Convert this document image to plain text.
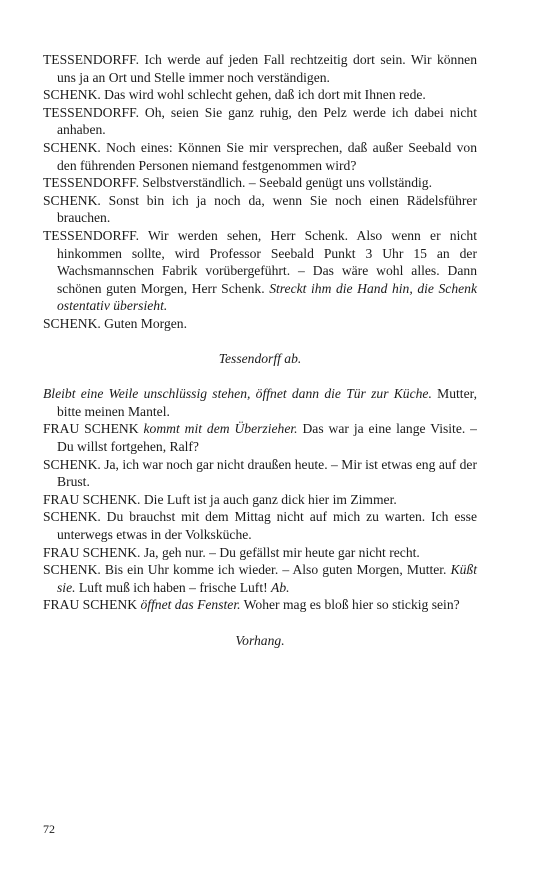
TESSENDORFF. Ich werde auf jeden Fall rechtzeitig dort sein. Wir können uns ja an Ort und Stelle immer noch verständigen.

SCHENK. Das wird wohl schlecht gehen, daß ich dort mit Ihnen rede.

TESSENDORFF. Oh, seien Sie ganz ruhig, den Pelz werde ich dabei nicht anhaben.

SCHENK. Noch eines: Können Sie mir versprechen, daß außer Seebald von den führenden Personen niemand festgenommen wird?

TESSENDORFF. Selbstverständlich. – Seebald genügt uns vollständig.

SCHENK. Sonst bin ich ja noch da, wenn Sie noch einen Rädelsführer brauchen.

TESSENDORFF. Wir werden sehen, Herr Schenk. Also wenn er nicht hinkommen sollte, wird Professor Seebald Punkt 3 Uhr 15 an der Wachsmannschen Fabrik vorübergeführt. – Das wäre wohl alles. Dann schönen guten Morgen, Herr Schenk. Streckt ihm die Hand hin, die Schenk ostentativ übersieht.

SCHENK. Guten Morgen.

Tessendorff ab.

Bleibt eine Weile unschlüssig stehen, öffnet dann die Tür zur Küche. Mutter, bitte meinen Mantel.

FRAU SCHENK kommt mit dem Überzieher. Das war ja eine lange Visite. – Du willst fortgehen, Ralf?

SCHENK. Ja, ich war noch gar nicht draußen heute. – Mir ist etwas eng auf der Brust.

FRAU SCHENK. Die Luft ist ja auch ganz dick hier im Zimmer.

SCHENK. Du brauchst mit dem Mittag nicht auf mich zu warten. Ich esse unterwegs etwas in der Volksküche.

FRAU SCHENK. Ja, geh nur. – Du gefällst mir heute gar nicht recht.

SCHENK. Bis ein Uhr komme ich wieder. – Also guten Morgen, Mutter. Küßt sie. Luft muß ich haben – frische Luft! Ab.

FRAU SCHENK öffnet das Fenster. Woher mag es bloß hier so stickig sein?

Vorhang.

72
